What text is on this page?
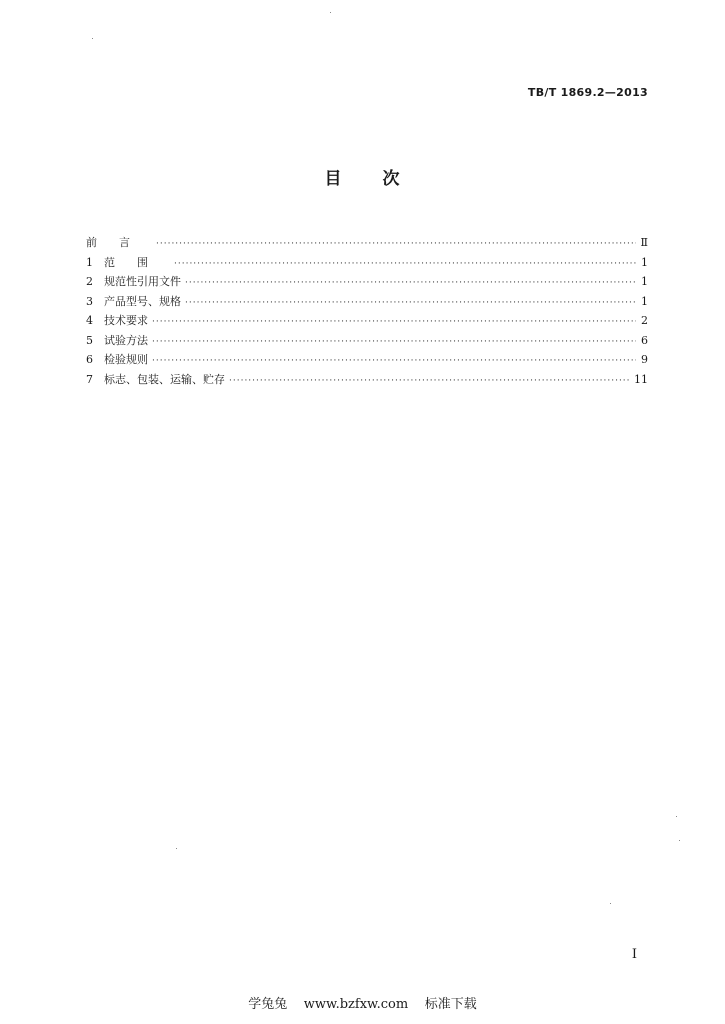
TB/T 1869.2—2013
目 次
前言 ·····	Ⅱ
1	范围 ·····	1
2	规范性引用文件 ·····	1
3	产品型号、规格 ·····	1
4	技术要求 ·····	2
5	试验方法 ·····	6
6	检验规则 ·····	9
7	标志、包装、运输、贮存 ·····	11
I
学兔兔 www.bzfxw.com 标准下载
